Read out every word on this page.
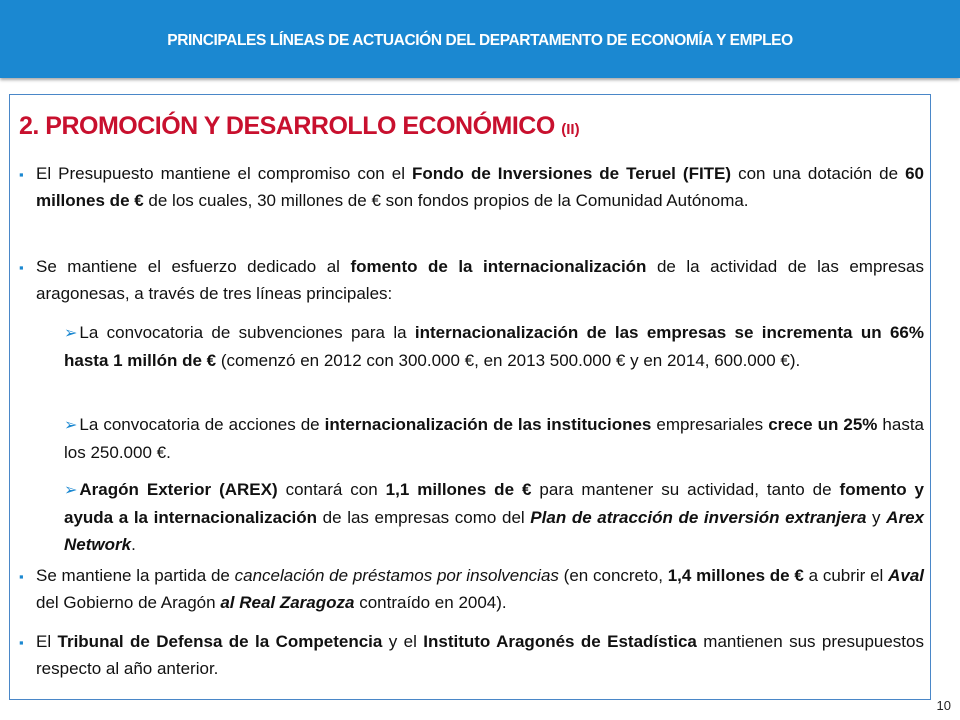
PRINCIPALES LÍNEAS DE ACTUACIÓN DEL DEPARTAMENTO DE ECONOMÍA Y EMPLEO
2. PROMOCIÓN Y DESARROLLO ECONÓMICO (II)
▪ El Presupuesto mantiene el compromiso con el Fondo de Inversiones de Teruel (FITE) con una dotación de 60 millones de € de los cuales, 30 millones de € son fondos propios de la Comunidad Autónoma.
▪ Se mantiene el esfuerzo dedicado al fomento de la internacionalización de la actividad de las empresas aragonesas, a través de tres líneas principales:
➢ La convocatoria de subvenciones para la internacionalización de las empresas se incrementa un 66% hasta 1 millón de € (comenzó en 2012 con 300.000 €, en 2013 500.000 € y en 2014, 600.000 €).
➢ La convocatoria de acciones de internacionalización de las instituciones empresariales crece un 25% hasta los 250.000 €.
➢ Aragón Exterior (AREX) contará con 1,1 millones de € para mantener su actividad, tanto de fomento y ayuda a la internacionalización de las empresas como del Plan de atracción de inversión extranjera y Arex Network.
▪ Se mantiene la partida de cancelación de préstamos por insolvencias (en concreto, 1,4 millones de € a cubrir el Aval del Gobierno de Aragón al Real Zaragoza contraído en 2004).
▪ El Tribunal de Defensa de la Competencia y el Instituto Aragonés de Estadística mantienen sus presupuestos respecto al año anterior.
10
